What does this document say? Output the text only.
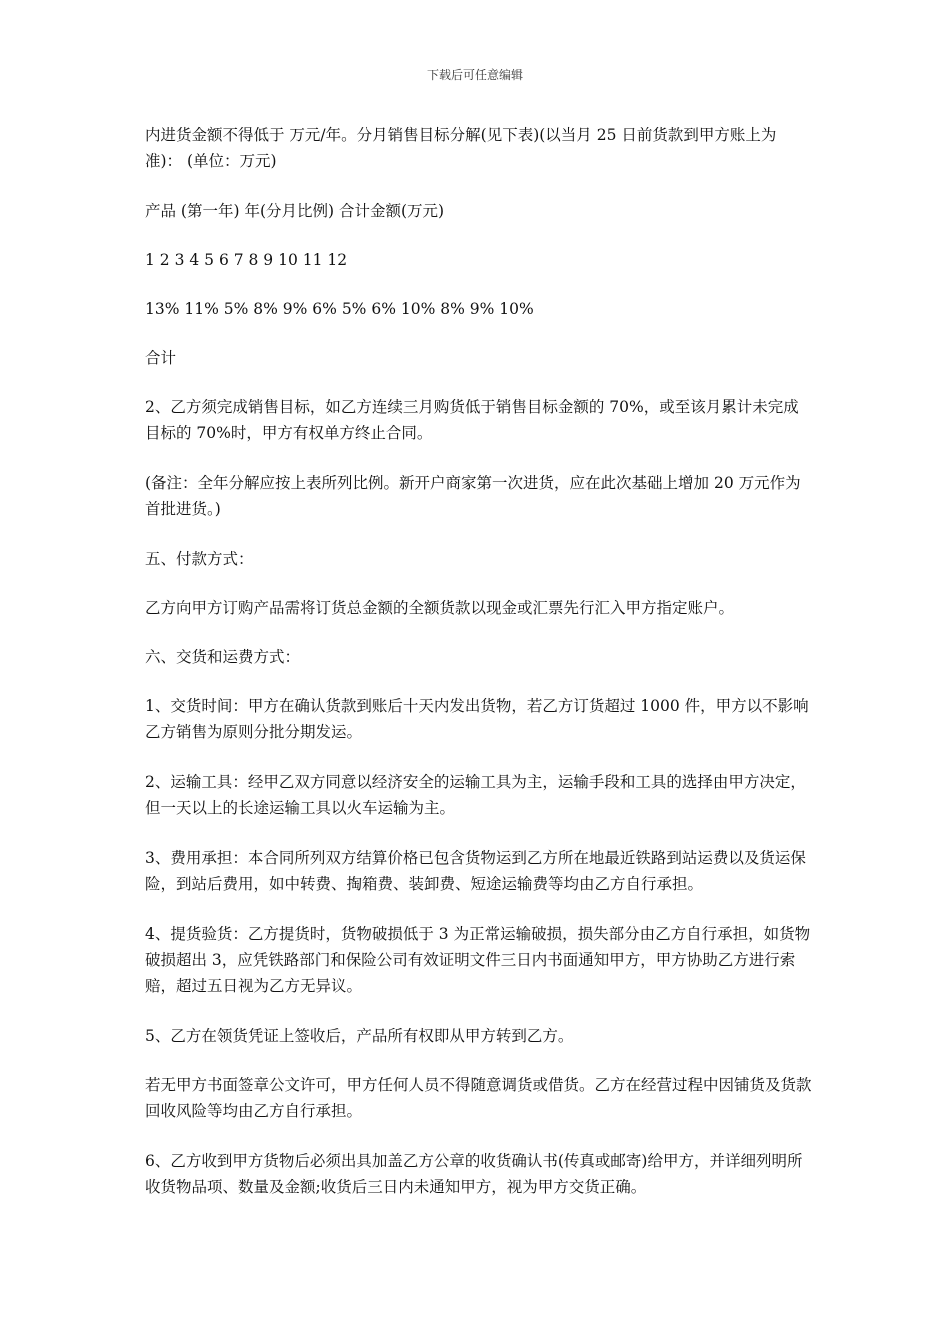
下载后可任意编辑

内进货金额不得低于 万元/年。分月销售目标分解(见下表)(以当月 25 日前货款到甲方账上为准)： (单位：万元)

产品 (第一年) 年(分月比例) 合计金额(万元)

1 2 3 4 5 6 7 8 9 10 11 12

13% 11% 5% 8% 9% 6% 5% 6% 10% 8% 9% 10%

合计

2、乙方须完成销售目标，如乙方连续三月购货低于销售目标金额的 70%，或至该月累计未完成目标的 70%时，甲方有权单方终止合同。

(备注：全年分解应按上表所列比例。新开户商家第一次进货，应在此次基础上增加 20 万元作为首批进货。)

五、付款方式：

乙方向甲方订购产品需将订货总金额的全额货款以现金或汇票先行汇入甲方指定账户。

六、交货和运费方式：

1、交货时间：甲方在确认货款到账后十天内发出货物，若乙方订货超过 1000 件，甲方以不影响乙方销售为原则分批分期发运。

2、运输工具：经甲乙双方同意以经济安全的运输工具为主，运输手段和工具的选择由甲方决定，但一天以上的长途运输工具以火车运输为主。

3、费用承担：本合同所列双方结算价格已包含货物运到乙方所在地最近铁路到站运费以及货运保险，到站后费用，如中转费、掏箱费、装卸费、短途运输费等均由乙方自行承担。

4、提货验货：乙方提货时，货物破损低于 3 为正常运输破损，损失部分由乙方自行承担，如货物破损超出 3，应凭铁路部门和保险公司有效证明文件三日内书面通知甲方，甲方协助乙方进行索赔，超过五日视为乙方无异议。

5、乙方在领货凭证上签收后，产品所有权即从甲方转到乙方。

若无甲方书面签章公文许可，甲方任何人员不得随意调货或借货。乙方在经营过程中因铺货及货款回收风险等均由乙方自行承担。

6、乙方收到甲方货物后必须出具加盖乙方公章的收货确认书(传真或邮寄)给甲方，并详细列明所收货物品项、数量及金额;收货后三日内未通知甲方，视为甲方交货正确。
